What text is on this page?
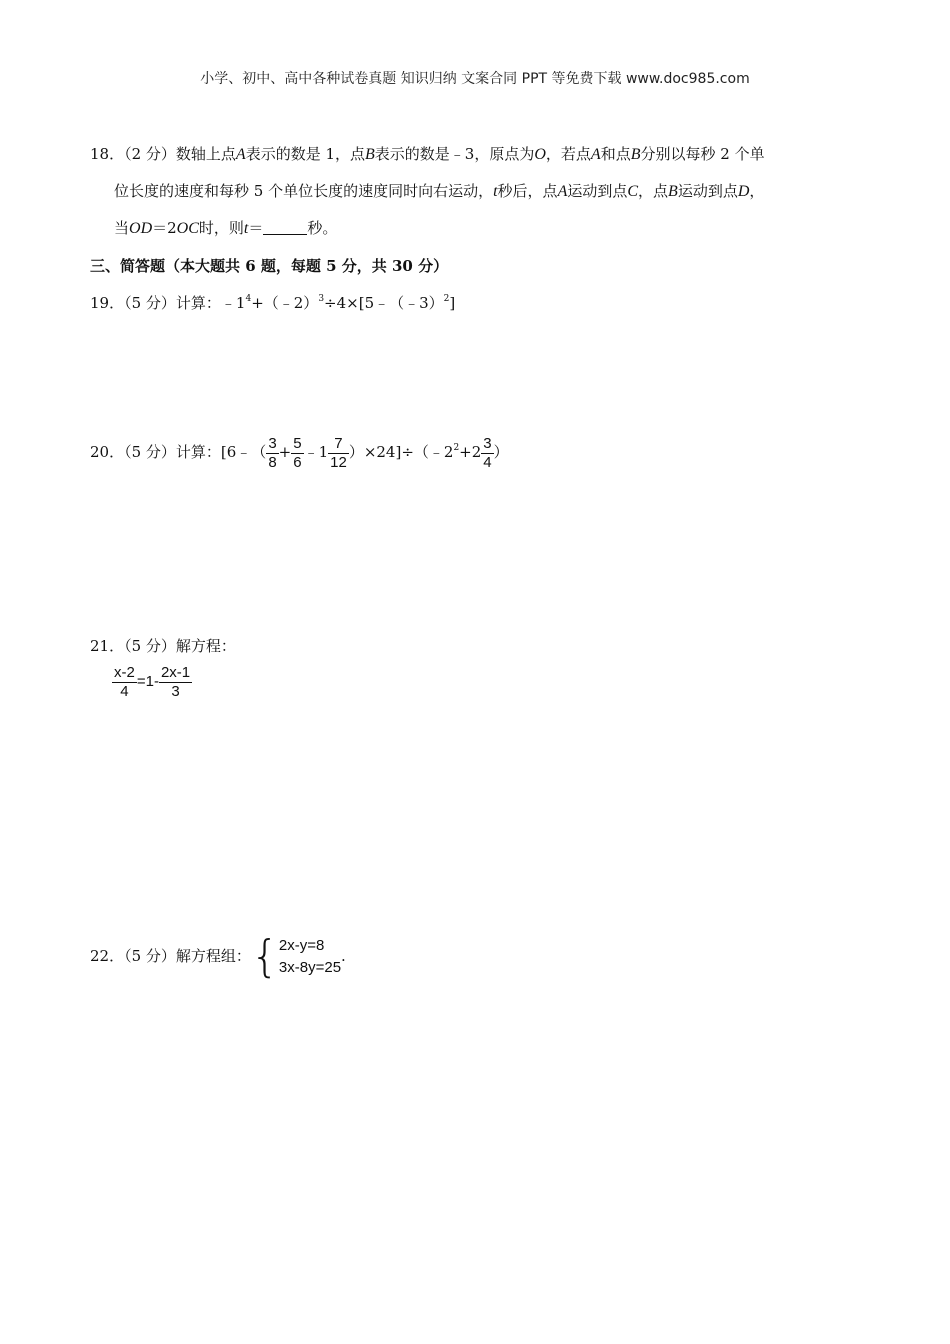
小学、初中、高中各种试卷真题 知识归纳 文案合同 PPT 等免费下载 www.doc985.com
18．（2 分）数轴上点A表示的数是 1，点B表示的数是﹣3，原点为O，若点A和点B分别以每秒 2 个单
位长度的速度和每秒 5 个单位长度的速度同时向右运动，t秒后，点A运动到点C，点B运动到点D，
当OD＝2OC时，则t＝	秒。
三、简答题（本大题共 6 题，每题 5 分，共 30 分）
19．（5 分）计算：$﹣1^4+(﹣2)^3\div 4\times[5﹣(﹣3)^2]$
20．（5 分）计算：[6﹣（ $\frac{3}{8} + \frac{5}{6}$ ﹣1 $\frac{7}{12}$ ）$\times 24]\div(﹣2^2+2 \frac{3}{4}$ ）
21．（5 分）解方程：
$\frac{x-2}{4} =1- \frac{2x-1}{3}$
22．（5 分）解方程组：{ 2x-y=8
3x-8y=25
.
